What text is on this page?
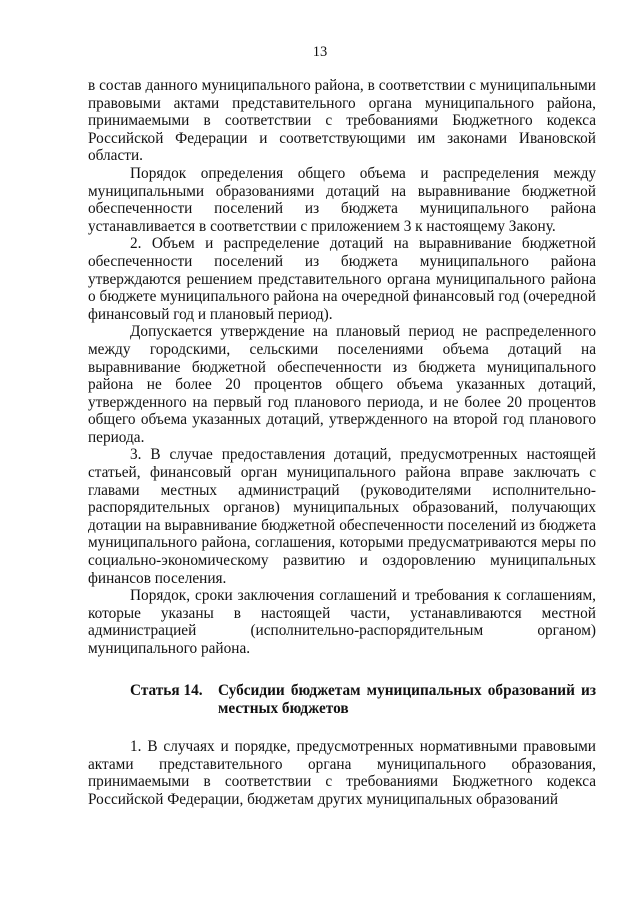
13

в состав данного муниципального района, в соответствии с муниципальными правовыми актами представительного органа муниципального района, принимаемыми в соответствии с требованиями Бюджетного кодекса Российской Федерации и соответствующими им законами Ивановской области.

Порядок определения общего объема и распределения между муниципальными образованиями дотаций на выравнивание бюджетной обеспеченности поселений из бюджета муниципального района устанавливается в соответствии с приложением 3 к настоящему Закону.

2. Объем и распределение дотаций на выравнивание бюджетной обеспеченности поселений из бюджета муниципального района утверждаются решением представительного органа муниципального района о бюджете муниципального района на очередной финансовый год (очередной финансовый год и плановый период).

Допускается утверждение на плановый период не распределенного между городскими, сельскими поселениями объема дотаций на выравнивание бюджетной обеспеченности из бюджета муниципального района не более 20 процентов общего объема указанных дотаций, утвержденного на первый год планового периода, и не более 20 процентов общего объема указанных дотаций, утвержденного на второй год планового периода.

3. В случае предоставления дотаций, предусмотренных настоящей статьей, финансовый орган муниципального района вправе заключать с главами местных администраций (руководителями исполнительно-распорядительных органов) муниципальных образований, получающих дотации на выравнивание бюджетной обеспеченности поселений из бюджета муниципального района, соглашения, которыми предусматриваются меры по социально-экономическому развитию и оздоровлению муниципальных финансов поселения.

Порядок, сроки заключения соглашений и требования к соглашениям, которые указаны в настоящей части, устанавливаются местной администрацией (исполнительно-распорядительным органом) муниципального района.

Статья 14.	Субсидии бюджетам муниципальных образований из местных бюджетов

1. В случаях и порядке, предусмотренных нормативными правовыми актами представительного органа муниципального образования, принимаемыми в соответствии с требованиями Бюджетного кодекса Российской Федерации, бюджетам других муниципальных образований
